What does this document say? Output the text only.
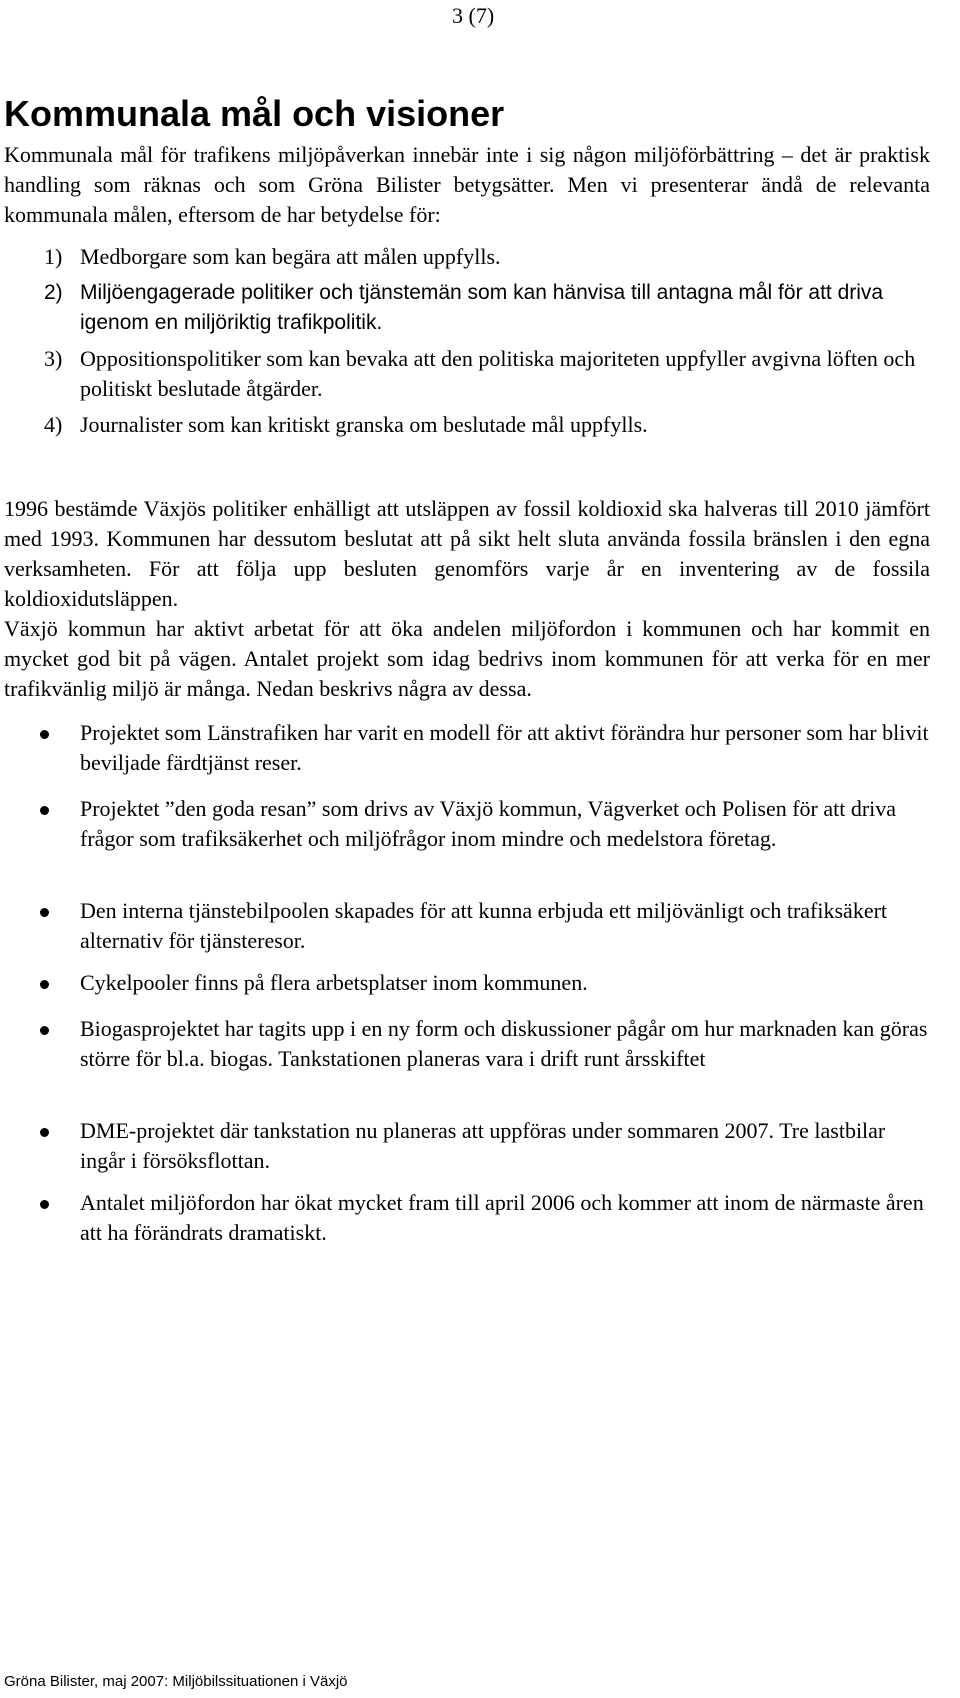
3 (7)
Kommunala mål och visioner

Kommunala mål för trafikens miljöpåverkan innebär inte i sig någon miljöförbättring – det är praktisk handling som räknas och som Gröna Bilister betygsätter. Men vi presenterar ändå de relevanta kommunala målen, eftersom de har betydelse för:

1) Medborgare som kan begära att målen uppfylls.
2) Miljöengagerade politiker och tjänstemän som kan hänvisa till antagna mål för att driva igenom en miljöriktig trafikpolitik.
3) Oppositionspolitiker som kan bevaka att den politiska majoriteten uppfyller avgivna löften och politiskt beslutade åtgärder.
4) Journalister som kan kritiskt granska om beslutade mål uppfylls.

1996 bestämde Växjös politiker enhälligt att utsläppen av fossil koldioxid ska halveras till 2010 jämfört med 1993. Kommunen har dessutom beslutat att på sikt helt sluta använda fossila bränslen i den egna verksamheten. För att följa upp besluten genomförs varje år en inventering av de fossila koldioxidutsläppen.

Växjö kommun har aktivt arbetat för att öka andelen miljöfordon i kommunen och har kommit en mycket god bit på vägen. Antalet projekt som idag bedrivs inom kommunen för att verka för en mer trafikvänlig miljö är många. Nedan beskrivs några av dessa.

Projektet som Länstrafiken har varit en modell för att aktivt förändra hur personer som har blivit beviljade färdtjänst reser.
Projektet ”den goda resan” som drivs av Växjö kommun, Vägverket och Polisen för att driva frågor som trafiksäkerhet och miljöfrågor inom mindre och medelstora företag.
Den interna tjänstebilpoolen skapades för att kunna erbjuda ett miljövänligt och trafiksäkert alternativ för tjänsteresor.
Cykelpooler finns på flera arbetsplatser inom kommunen.
Biogasprojektet har tagits upp i en ny form och diskussioner pågår om hur marknaden kan göras större för bl.a. biogas. Tankstationen planeras vara i drift runt årsskiftet
DME-projektet där tankstation nu planeras att uppföras under sommaren 2007. Tre lastbilar ingår i försöksflottan.
Antalet miljöfordon har ökat mycket fram till april 2006 och kommer att inom de närmaste åren att ha förändrats dramatiskt.
Gröna Bilister, maj 2007: Miljöbilssituationen i Växjö
